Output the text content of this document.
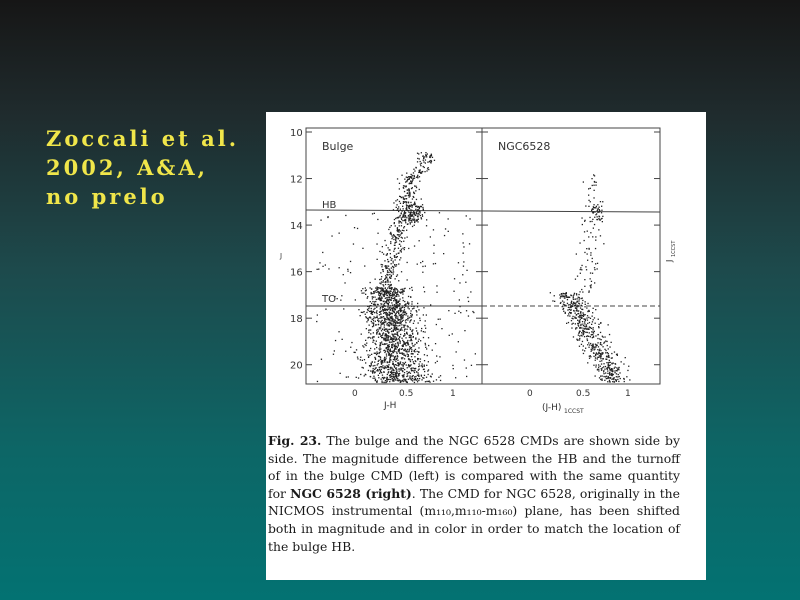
Zoccali et al.
2002, A&A,
no prelo
10
12
14
16
18
20
0	0.5	1	0	0.5	1
Bulge	NGC6528
HB
TO
J
J
1CCST
J-H	(J-H) 1CCST
Fig. 23. The bulge and the NGC 6528 CMDs are shown side by side. The magnitude difference between the HB and the turnoff of in the bulge CMD (left) is compared with the same quantity for NGC 6528 (right). The CMD for NGC 6528, originally in the NICMOS instrumental (m₁₁₀,m₁₁₀-m₁₆₀) plane, has been shifted both in magnitude and in color in order to match the location of the bulge HB.
